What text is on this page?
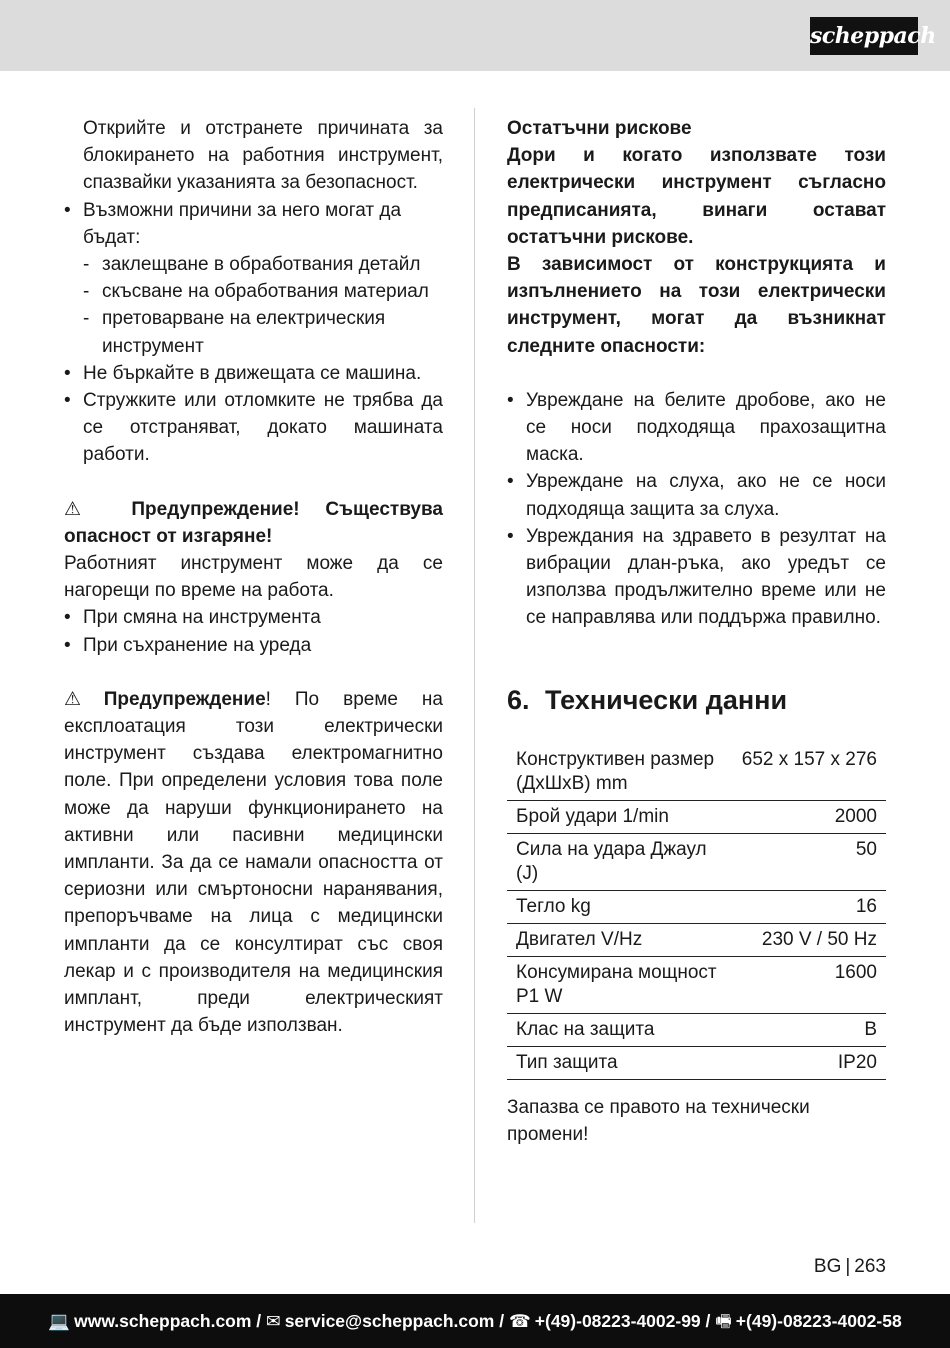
scheppach

Открийте и отстранете причината за блокирането на работния инструмент, спазвайки указанията за безопасност.

• Възможни причини за него могат да бъдат:
- заклещване в обработвания детайл
- скъсване на обработвания материал
- претоварване на електрическия инструмент
• Не бъркайте в движещата се машина.
• Стружките или отломките не трябва да се отстраняват, докато машината работи.

⚠ Предупреждение! Съществува опасност от изгаряне!

Работният инструмент може да се нагорещи по време на работа.

• При смяна на инструмента
• При съхранение на уреда

⚠ Предупреждение! По време на експлоатация този електрически инструмент създава електромагнитно поле. При определени условия това поле може да наруши функционирането на активни или пасивни медицински импланти. За да се намали опасността от сериозни или смъртоносни наранявания, препоръчваме на лица с медицински импланти да се консултират със своя лекар и с производителя на медицинския имплант, преди електрическият инструмент да бъде използван.

Остатъчни рискове

Дори и когато използвате този електрически инструмент съгласно предписанията, винаги остават остатъчни рискове.

В зависимост от конструкцията и изпълнението на този електрически инструмент, могат да възникнат следните опасности:

• Увреждане на белите дробове, ако не се носи подходяща прахозащитна маска.
• Увреждане на слуха, ако не се носи подходяща защита за слуха.
• Увреждания на здравето в резултат на вибрации длан-ръка, ако уредът се използва продължително време или не се направлява или поддържа правилно.
6. Технически данни
Конструктивен размер (ДхШхВ) mm	652 x 157 x 276
Брой удари 1/min	2000
Сила на удара Джаул (J)	50
Тегло kg	16
Двигател V/Hz	230 V / 50 Hz
Консумирана мощност P1 W	1600
Клас на защита	B
Тип защита	IP20

Запазва се правото на технически промени!

BG | 263
💻 www.scheppach.com / ✉ service@scheppach.com / ☎ +(49)-08223-4002-99 / 🖷 +(49)-08223-4002-58
